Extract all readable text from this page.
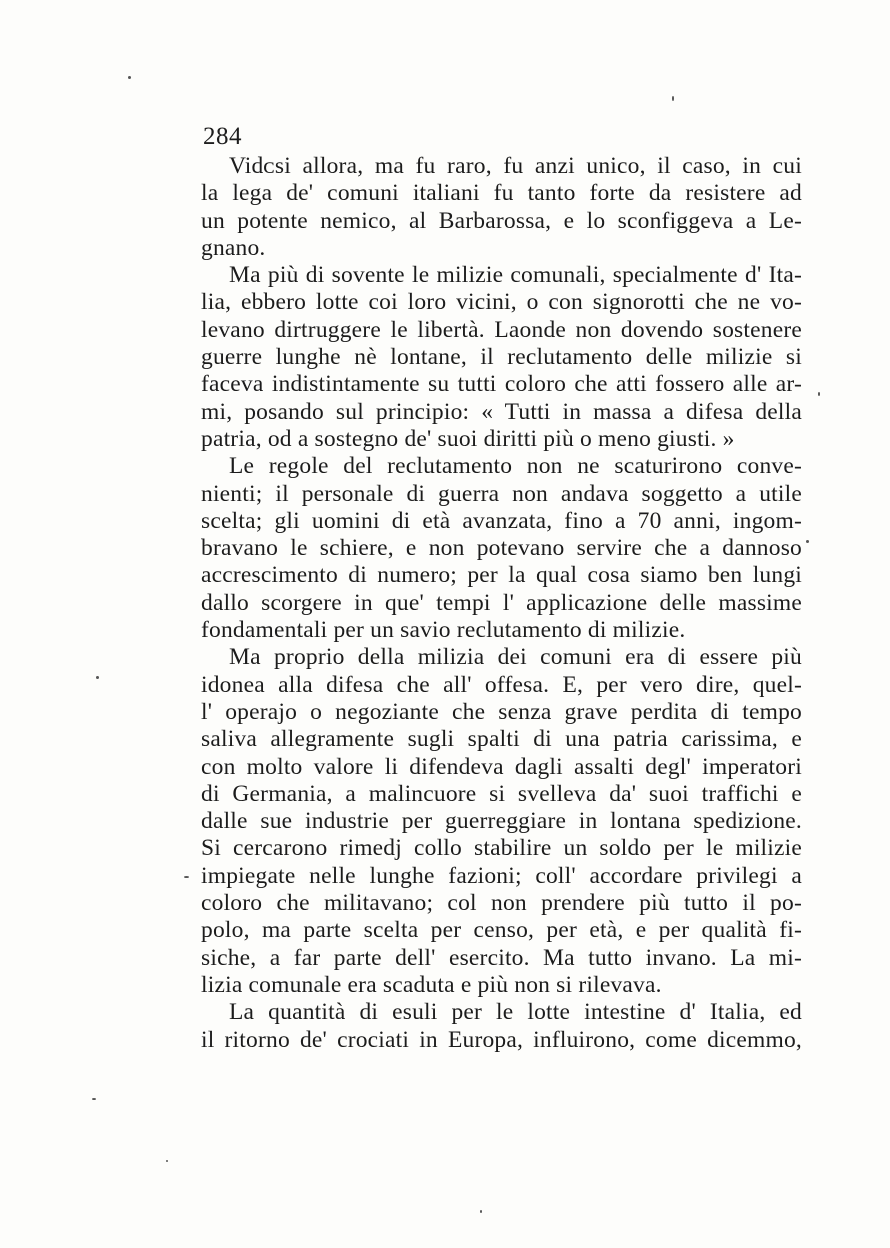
284
Vidᴄsi allora, ma fu raro, fu anzi unico, il caso, in cui
la lega de' comuni italiani fu tanto forte da resistere ad
un potente nemico, al Barbarossa, e lo sconfiggeva a Le-
gnano.
Ma più di sovente le milizie comunali, specialmente d' Ita-
lia, ebbero lotte coi loro vicini, o con signorotti che ne vo-
levano dirtruggere le libertà. Laonde non dovendo sostenere
guerre lunghe nè lontane, il reclutamento delle milizie si
faceva indistintamente su tutti coloro che atti fossero alle ar-
mi, posando sul principio: « Tutti in massa a difesa della
patria, od a sostegno de' suoi diritti più o meno giusti. »
Le regole del reclutamento non ne scaturirono conve-
nienti; il personale di guerra non andava soggetto a utile
scelta; gli uomini di età avanzata, fino a 70 anni, ingom-
bravano le schiere, e non potevano servire che a dannoso
accrescimento di numero; per la qual cosa siamo ben lungi
dallo scorgere in que' tempi l' applicazione delle massime
fondamentali per un savio reclutamento di milizie.
Ma proprio della milizia dei comuni era di essere più
idonea alla difesa che all' offesa. E, per vero dire, quel-
l' operajo o negoziante che senza grave perdita di tempo
saliva allegramente sugli spalti di una patria carissima, e
con molto valore li difendeva dagli assalti degl' imperatori
di Germania, a malincuore si svelleva da' suoi traffichi e
dalle sue industrie per guerreggiare in lontana spedizione.
Si cercarono rimedj collo stabilire un soldo per le milizie
impiegate nelle lunghe fazioni; coll' accordare privilegi a
coloro che militavano; col non prendere più tutto il po-
polo, ma parte scelta per censo, per età, e per qualità fi-
siche, a far parte dell' esercito. Ma tutto invano. La mi-
lizia comunale era scaduta e più non si rilevava.
La quantità di esuli per le lotte intestine d' Italia, ed
il ritorno de' crociati in Europa, influirono, come dicemmo,
